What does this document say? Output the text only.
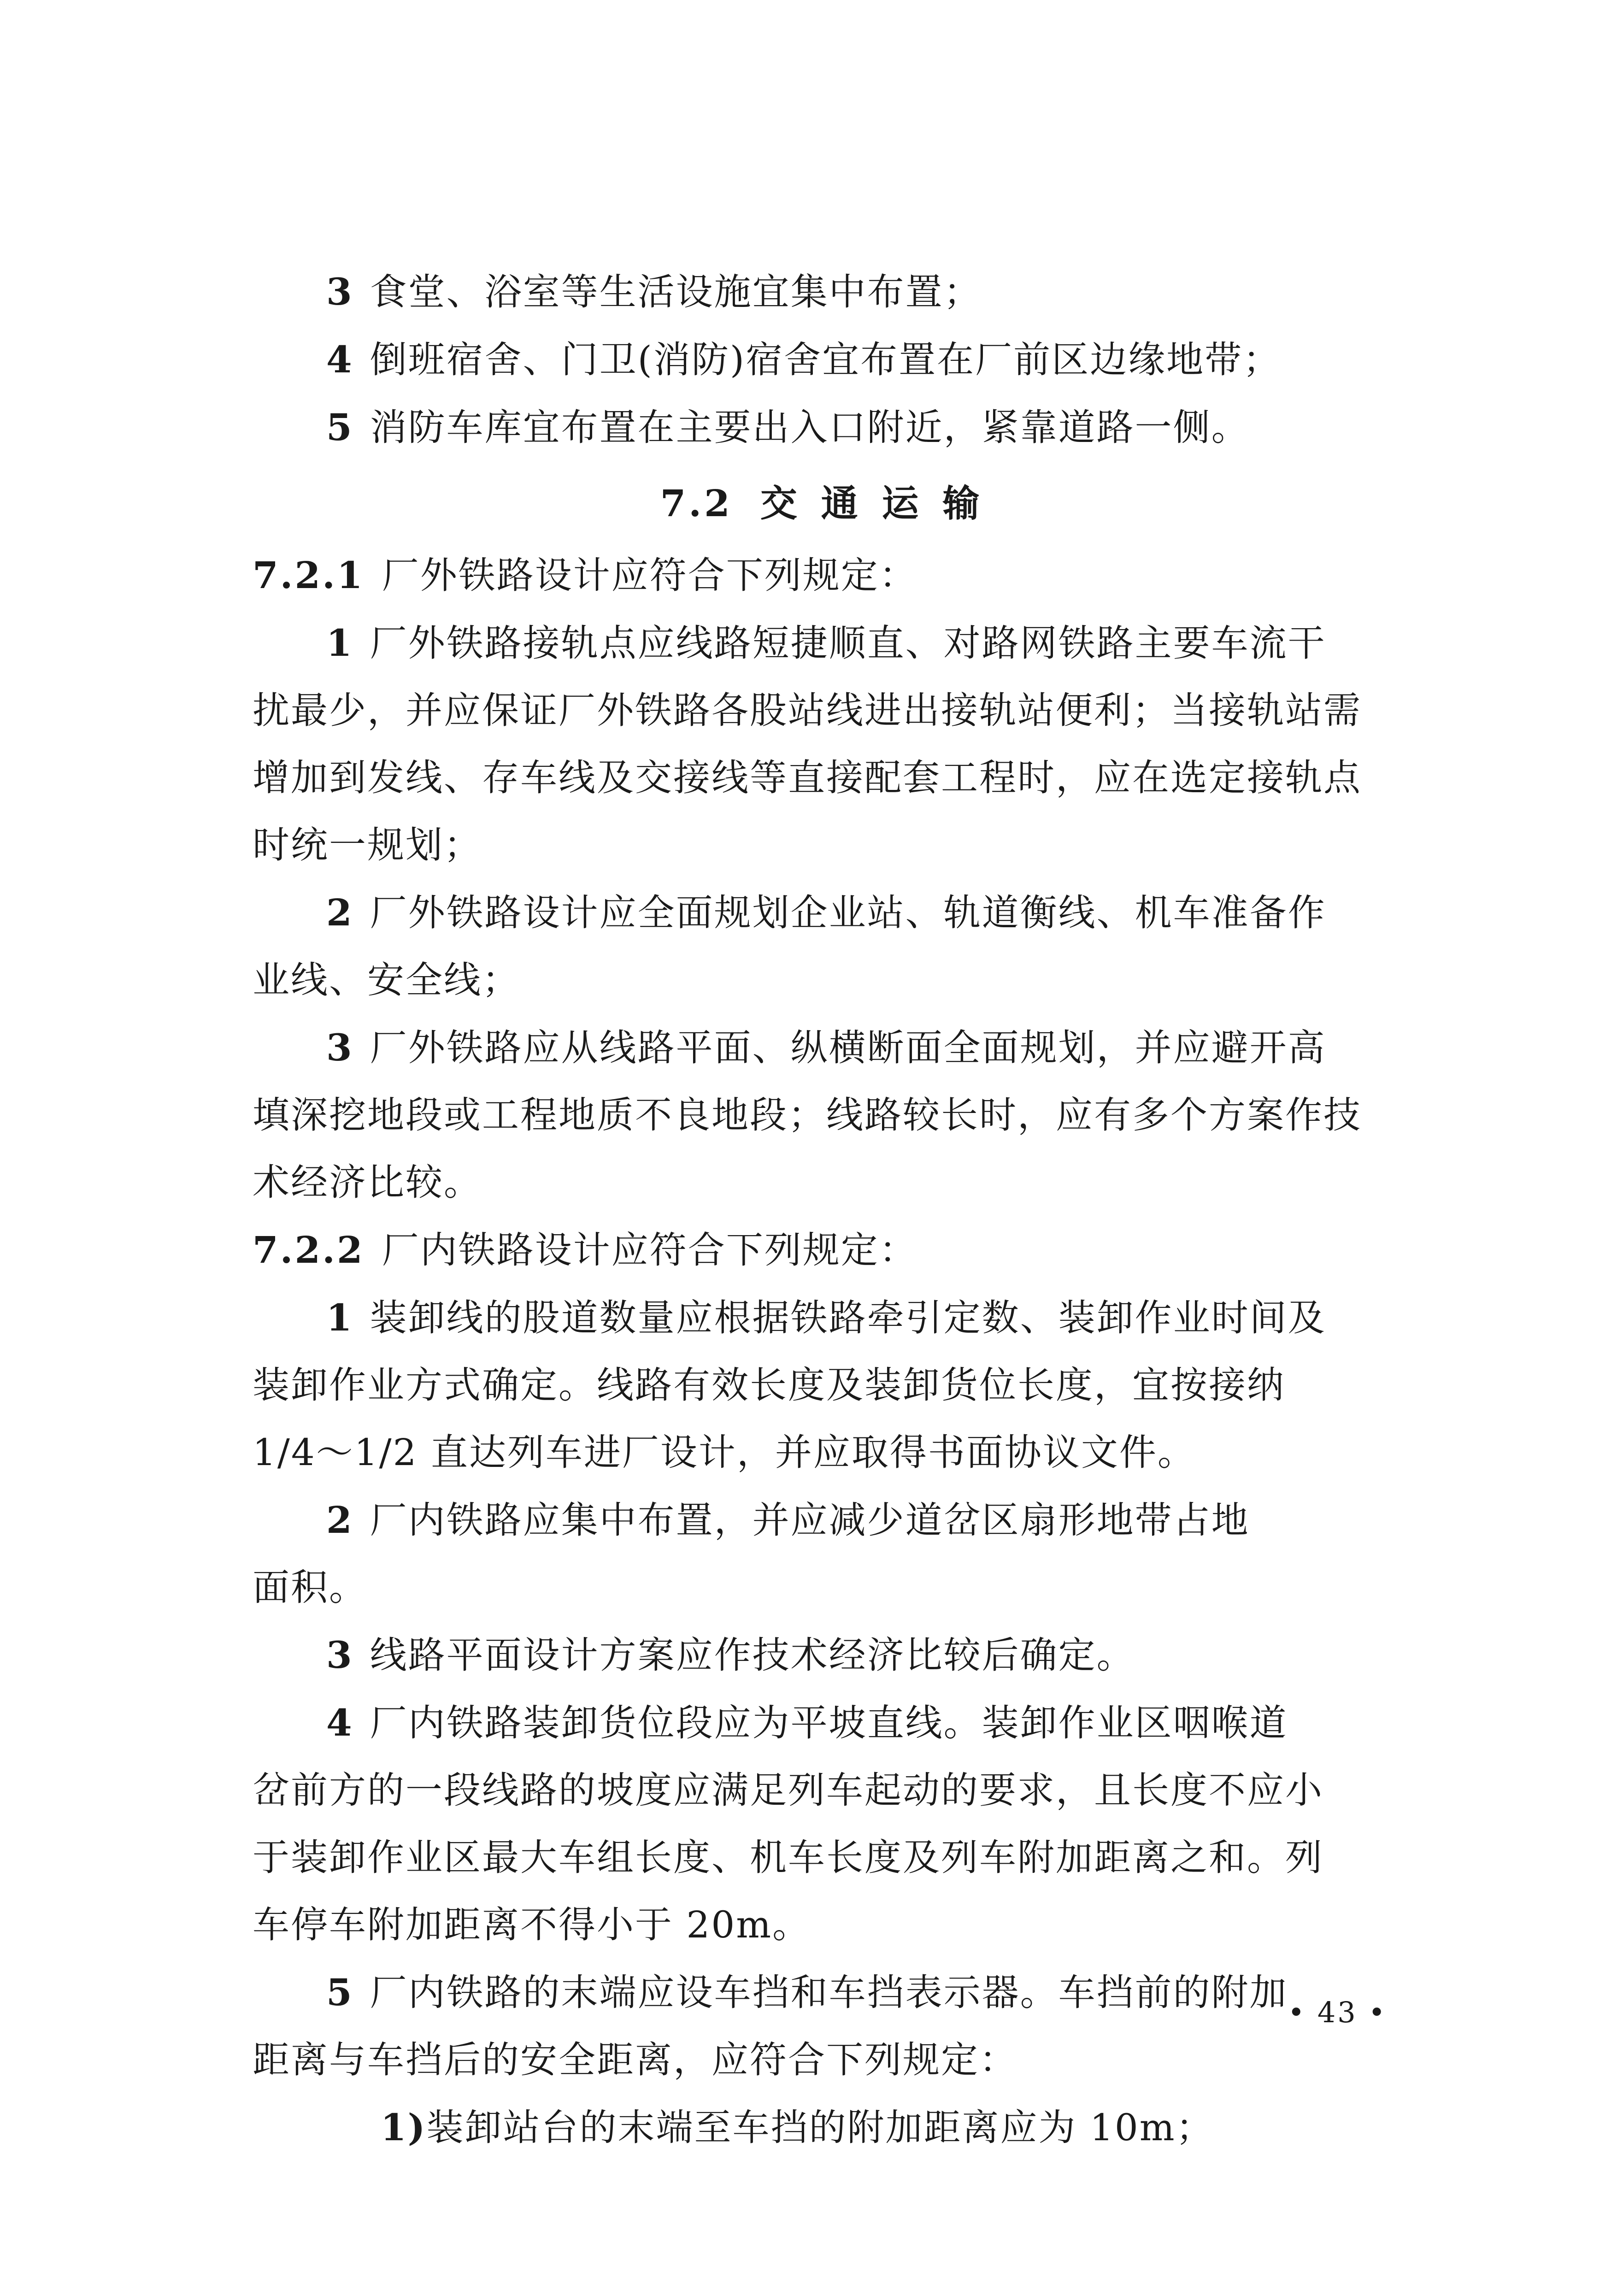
3 食堂、浴室等生活设施宜集中布置；
4 倒班宿舍、门卫(消防)宿舍宜布置在厂前区边缘地带；
5 消防车库宜布置在主要出入口附近，紧靠道路一侧。
7.2 交 通 运 输
7.2.1 厂外铁路设计应符合下列规定：
1 厂外铁路接轨点应线路短捷顺直、对路网铁路主要车流干
扰最少，并应保证厂外铁路各股站线进出接轨站便利；当接轨站需
增加到发线、存车线及交接线等直接配套工程时，应在选定接轨点
时统一规划；
2 厂外铁路设计应全面规划企业站、轨道衡线、机车准备作
业线、安全线；
3 厂外铁路应从线路平面、纵横断面全面规划，并应避开高
填深挖地段或工程地质不良地段；线路较长时，应有多个方案作技
术经济比较。
7.2.2 厂内铁路设计应符合下列规定：
1 装卸线的股道数量应根据铁路牵引定数、装卸作业时间及
装卸作业方式确定。线路有效长度及装卸货位长度，宜按接纳
1/4～1/2 直达列车进厂设计，并应取得书面协议文件。
2 厂内铁路应集中布置，并应减少道岔区扇形地带占地
面积。
3 线路平面设计方案应作技术经济比较后确定。
4 厂内铁路装卸货位段应为平坡直线。装卸作业区咽喉道
岔前方的一段线路的坡度应满足列车起动的要求，且长度不应小
于装卸作业区最大车组长度、机车长度及列车附加距离之和。列
车停车附加距离不得小于 20m。
5 厂内铁路的末端应设车挡和车挡表示器。车挡前的附加
距离与车挡后的安全距离，应符合下列规定：
1)装卸站台的末端至车挡的附加距离应为 10m；
• 43 •
